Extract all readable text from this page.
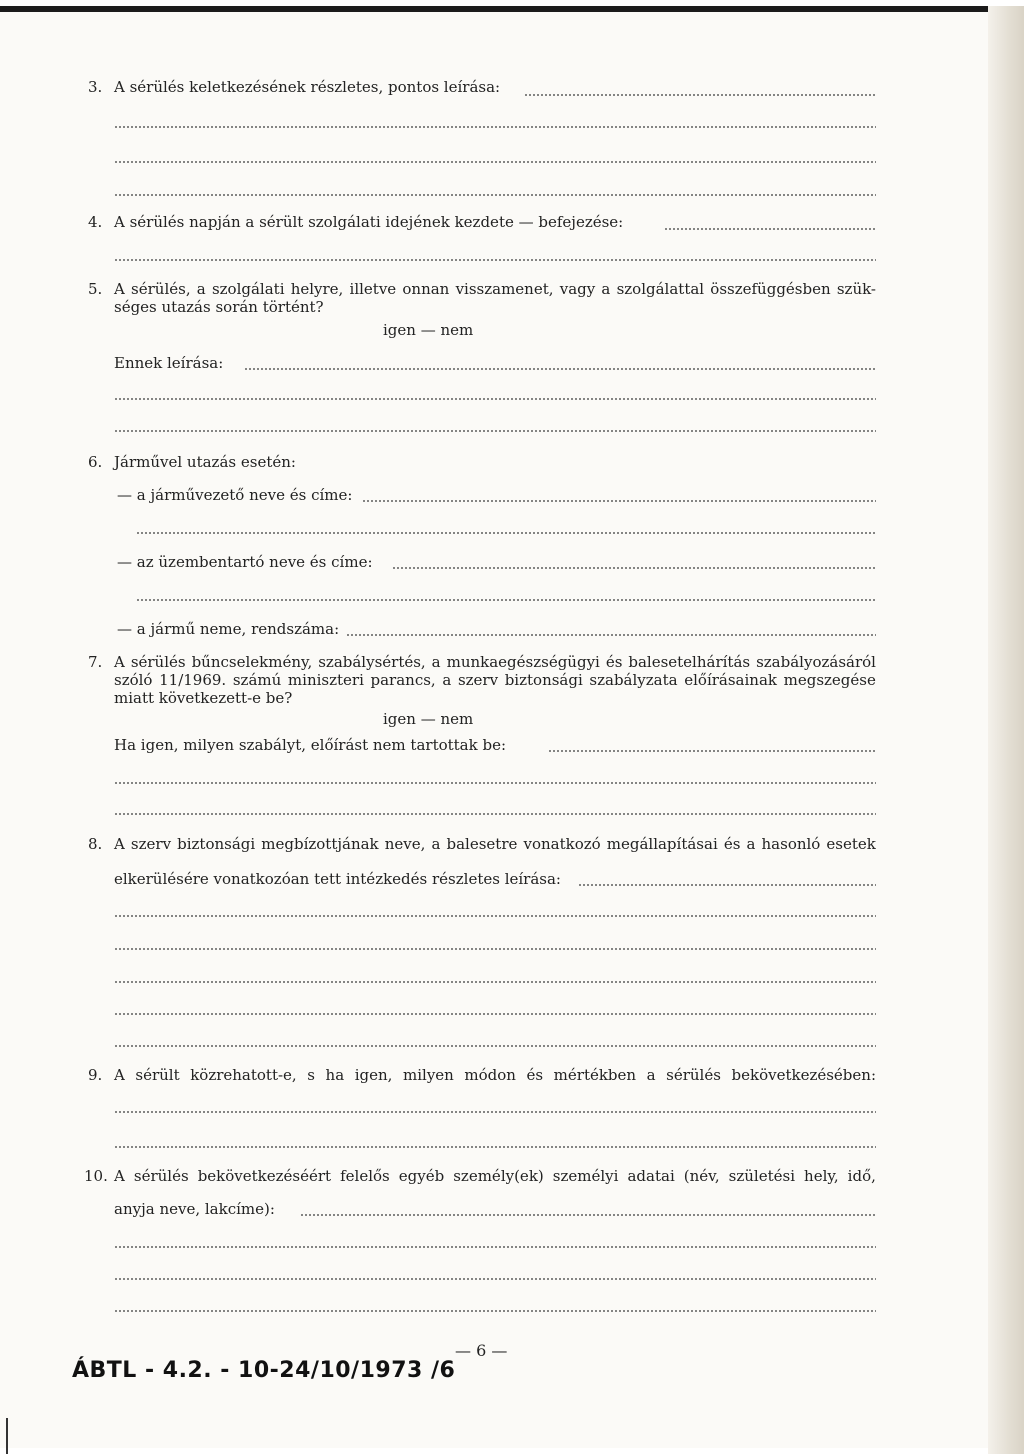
3. A sérülés keletkezésének részletes, pontos leírása:
4. A sérülés napján a sérült szolgálati idejének kezdete — befejezése:
5. A sérülés, a szolgálati helyre, illetve onnan visszamenet, vagy a szolgálattal összefüggésben szük-
séges utazás során történt?
igen — nem
Ennek leírása:
6. Járművel utazás esetén:
— a járművezető neve és címe:
— az üzembentartó neve és címe:
— a jármű neme, rendszáma:
7. A sérülés bűncselekmény, szabálysértés, a munkaegészségügyi és balesetelhárítás szabályozásáról
szóló 11/1969. számú miniszteri parancs, a szerv biztonsági szabályzata előírásainak megszegése
miatt következett-e be?
igen — nem
Ha igen, milyen szabályt, előírást nem tartottak be:
8. A szerv biztonsági megbízottjának neve, a balesetre vonatkozó megállapításai és a hasonló esetek
elkerülésére vonatkozóan tett intézkedés részletes leírása:
9. A sérült közrehatott-e, s ha igen, milyen módon és mértékben a sérülés bekövetkezésében:
10. A sérülés bekövetkezéséért felelős egyéb személy(ek) személyi adatai (név, születési hely, idő,
anyja neve, lakcíme):
— 6 —
ÁBTL - 4.2. - 10-24/10/1973 /6
